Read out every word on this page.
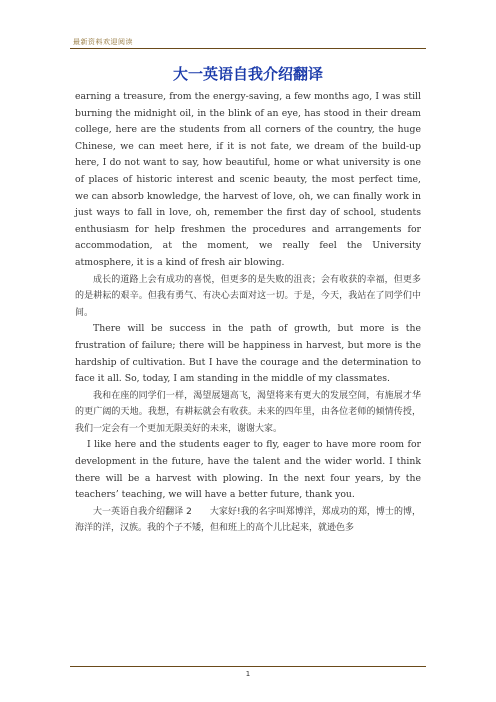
最新资料欢迎阅读
大一英语自我介绍翻译

earning a treasure, from the energy-saving, a few months ago, I was still burning the midnight oil, in the blink of an eye, has stood in their dream college, here are the students from all corners of the country, the huge Chinese, we can meet here, if it is not fate, we dream of the build-up here, I do not want to say, how beautiful, home or what university is one of places of historic interest and scenic beauty, the most perfect time, we can absorb knowledge, the harvest of love, oh, we can finally work in just ways to fall in love, oh, remember the first day of school, students enthusiasm for help freshmen the procedures and arrangements for accommodation, at the moment, we really feel the University atmosphere, it is a kind of fresh air blowing.

成长的道路上会有成功的喜悦，但更多的是失败的沮丧；会有收获的幸福，但更多的是耕耘的艰辛。但我有勇气、有决心去面对这一切。于是，今天，我站在了同学们中间。

There will be success in the path of growth, but more is the frustration of failure; there will be happiness in harvest, but more is the hardship of cultivation. But I have the courage and the determination to face it all. So, today, I am standing in the middle of my classmates.

我和在座的同学们一样，渴望展翅高飞，渴望将来有更大的发展空间，有施展才华的更广阔的天地。我想，有耕耘就会有收获。未来的四年里，由各位老师的倾情传授，我们一定会有一个更加无限美好的未来，谢谢大家。

I like here and the students eager to fly, eager to have more room for development in the future, have the talent and the wider world. I think there will be a harvest with plowing. In the next four years, by the teachers’ teaching, we will have a better future, thank you.

大一英语自我介绍翻译 2　　大家好!我的名字叫郑博洋，郑成功的郑，博士的博，海洋的洋，汉族。我的个子不矮，但和班上的高个儿比起来，就逊色多

1
